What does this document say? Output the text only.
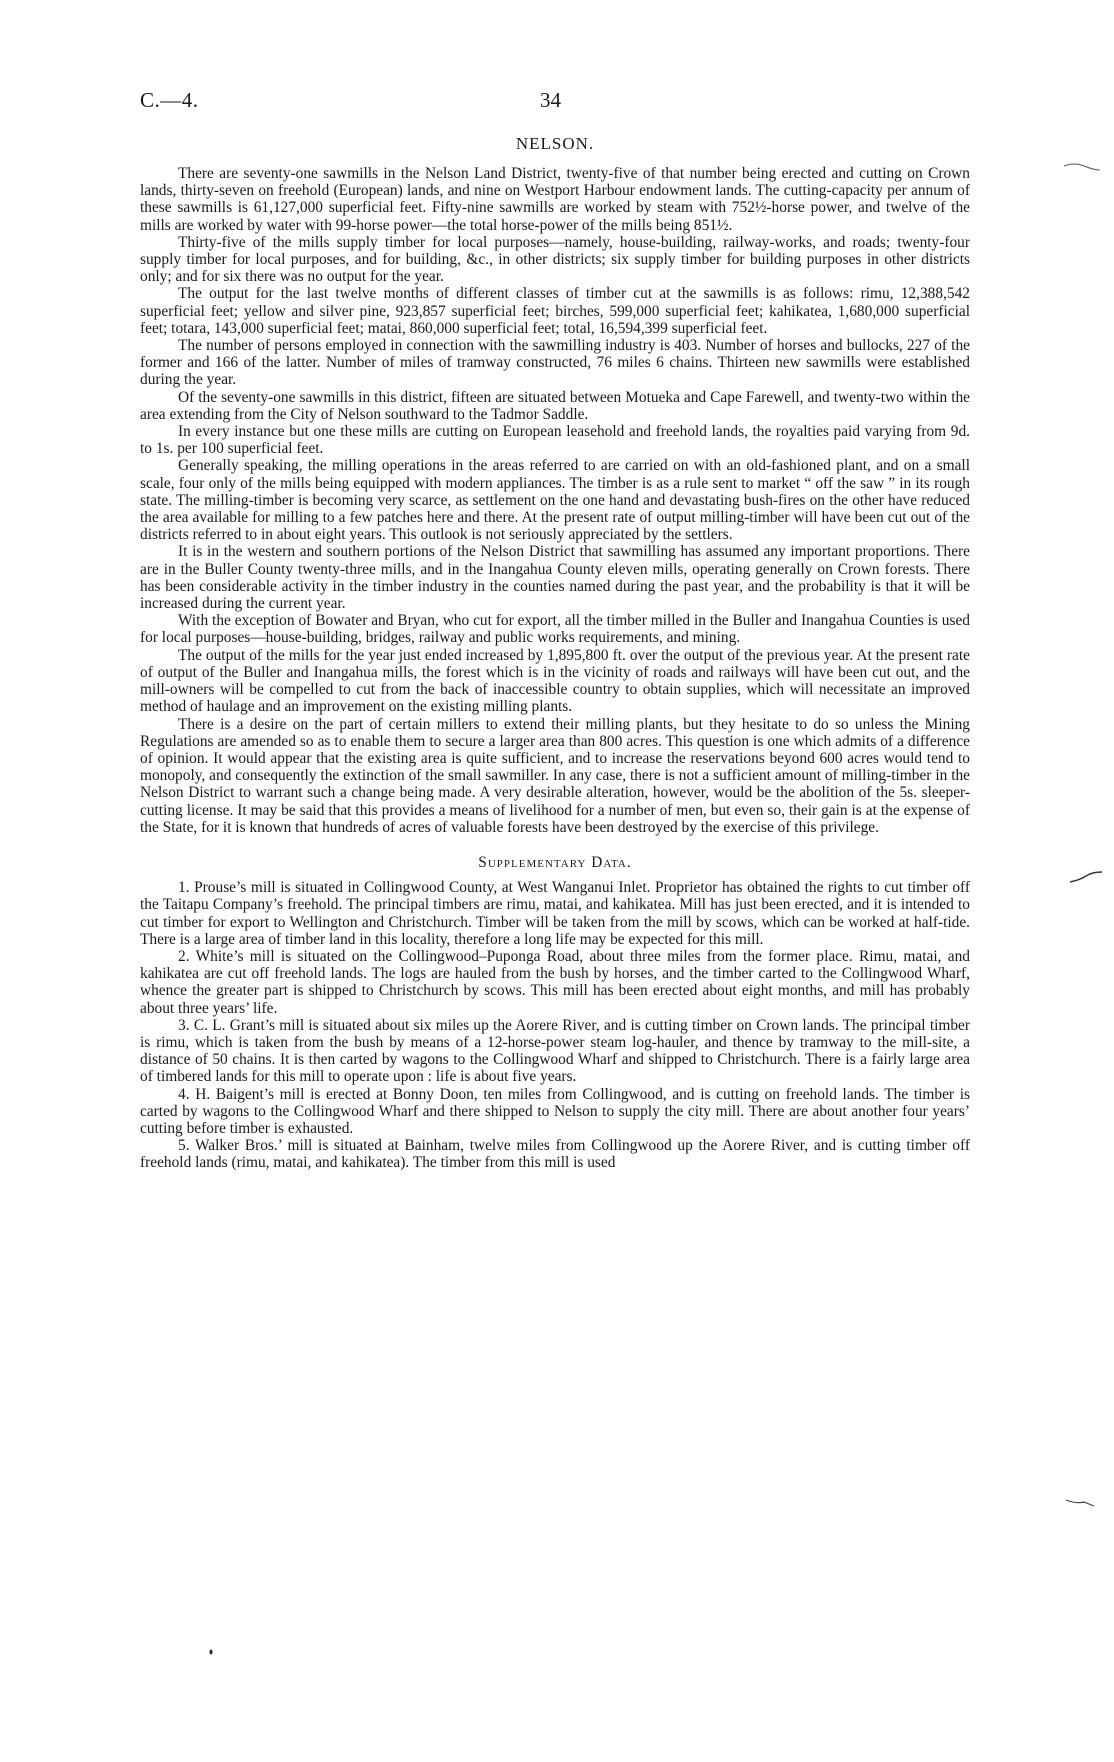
C.—4.	34
NELSON.

There are seventy-one sawmills in the Nelson Land District, twenty-five of that number being erected and cutting on Crown lands, thirty-seven on freehold (European) lands, and nine on Westport Harbour endowment lands. The cutting-capacity per annum of these sawmills is 61,127,000 superficial feet. Fifty-nine sawmills are worked by steam with 752½-horse power, and twelve of the mills are worked by water with 99-horse power—the total horse-power of the mills being 851½.

Thirty-five of the mills supply timber for local purposes—namely, house-building, railway-works, and roads; twenty-four supply timber for local purposes, and for building, &c., in other districts; six supply timber for building purposes in other districts only; and for six there was no output for the year.

The output for the last twelve months of different classes of timber cut at the sawmills is as follows: rimu, 12,388,542 superficial feet; yellow and silver pine, 923,857 superficial feet; birches, 599,000 superficial feet; kahikatea, 1,680,000 superficial feet; totara, 143,000 superficial feet; matai, 860,000 superficial feet; total, 16,594,399 superficial feet.

The number of persons employed in connection with the sawmilling industry is 403. Number of horses and bullocks, 227 of the former and 166 of the latter. Number of miles of tramway constructed, 76 miles 6 chains. Thirteen new sawmills were established during the year.

Of the seventy-one sawmills in this district, fifteen are situated between Motueka and Cape Farewell, and twenty-two within the area extending from the City of Nelson southward to the Tadmor Saddle.

In every instance but one these mills are cutting on European leasehold and freehold lands, the royalties paid varying from 9d. to 1s. per 100 superficial feet.

Generally speaking, the milling operations in the areas referred to are carried on with an old-fashioned plant, and on a small scale, four only of the mills being equipped with modern appliances. The timber is as a rule sent to market “ off the saw ” in its rough state. The milling-timber is becoming very scarce, as settlement on the one hand and devastating bush-fires on the other have reduced the area available for milling to a few patches here and there. At the present rate of output milling-timber will have been cut out of the districts referred to in about eight years. This outlook is not seriously appreciated by the settlers.

It is in the western and southern portions of the Nelson District that sawmilling has assumed any important proportions. There are in the Buller County twenty-three mills, and in the Inangahua County eleven mills, operating generally on Crown forests. There has been considerable activity in the timber industry in the counties named during the past year, and the probability is that it will be increased during the current year.

With the exception of Bowater and Bryan, who cut for export, all the timber milled in the Buller and Inangahua Counties is used for local purposes—house-building, bridges, railway and public works requirements, and mining.

The output of the mills for the year just ended increased by 1,895,800 ft. over the output of the previous year. At the present rate of output of the Buller and Inangahua mills, the forest which is in the vicinity of roads and railways will have been cut out, and the mill-owners will be compelled to cut from the back of inaccessible country to obtain supplies, which will necessitate an improved method of haulage and an improvement on the existing milling plants.

There is a desire on the part of certain millers to extend their milling plants, but they hesitate to do so unless the Mining Regulations are amended so as to enable them to secure a larger area than 800 acres. This question is one which admits of a difference of opinion. It would appear that the existing area is quite sufficient, and to increase the reservations beyond 600 acres would tend to monopoly, and consequently the extinction of the small sawmiller. In any case, there is not a sufficient amount of milling-timber in the Nelson District to warrant such a change being made. A very desirable alteration, however, would be the abolition of the 5s. sleeper-cutting license. It may be said that this provides a means of livelihood for a number of men, but even so, their gain is at the expense of the State, for it is known that hundreds of acres of valuable forests have been destroyed by the exercise of this privilege.

Supplementary Data.

1. Prouse’s mill is situated in Collingwood County, at West Wanganui Inlet. Proprietor has obtained the rights to cut timber off the Taitapu Company’s freehold. The principal timbers are rimu, matai, and kahikatea. Mill has just been erected, and it is intended to cut timber for export to Wellington and Christchurch. Timber will be taken from the mill by scows, which can be worked at half-tide. There is a large area of timber land in this locality, therefore a long life may be expected for this mill.

2. White’s mill is situated on the Collingwood–Puponga Road, about three miles from the former place. Rimu, matai, and kahikatea are cut off freehold lands. The logs are hauled from the bush by horses, and the timber carted to the Collingwood Wharf, whence the greater part is shipped to Christchurch by scows. This mill has been erected about eight months, and mill has probably about three years’ life.

3. C. L. Grant’s mill is situated about six miles up the Aorere River, and is cutting timber on Crown lands. The principal timber is rimu, which is taken from the bush by means of a 12-horse-power steam log-hauler, and thence by tramway to the mill-site, a distance of 50 chains. It is then carted by wagons to the Collingwood Wharf and shipped to Christchurch. There is a fairly large area of timbered lands for this mill to operate upon : life is about five years.

4. H. Baigent’s mill is erected at Bonny Doon, ten miles from Collingwood, and is cutting on freehold lands. The timber is carted by wagons to the Collingwood Wharf and there shipped to Nelson to supply the city mill. There are about another four years’ cutting before timber is exhausted.

5. Walker Bros.’ mill is situated at Bainham, twelve miles from Collingwood up the Aorere River, and is cutting timber off freehold lands (rimu, matai, and kahikatea). The timber from this mill is used
